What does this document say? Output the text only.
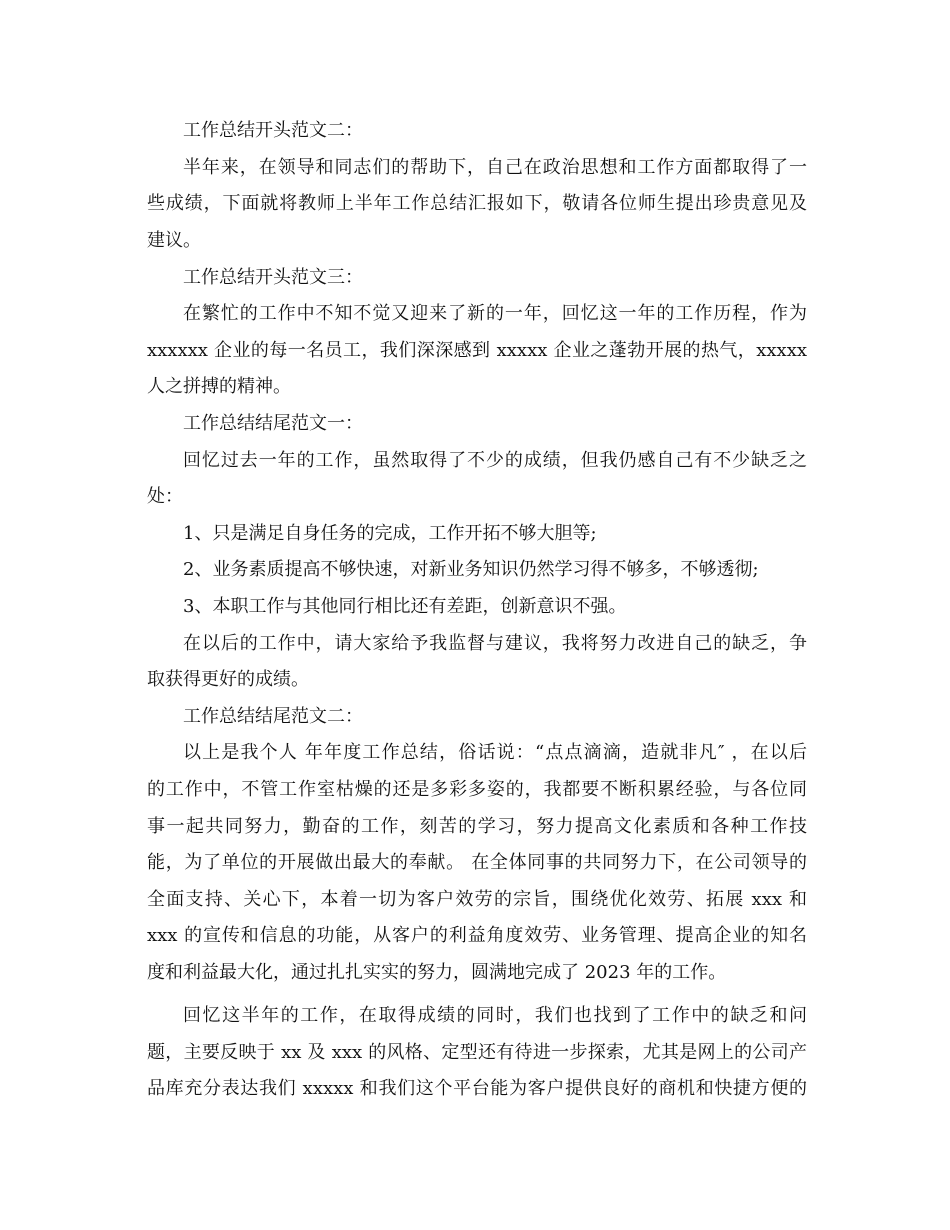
工作总结开头范文二：
半年来，在领导和同志们的帮助下，自己在政治思想和工作方面都取得了一
些成绩，下面就将教师上半年工作总结汇报如下，敬请各位师生提出珍贵意见及
建议。
工作总结开头范文三：
在繁忙的工作中不知不觉又迎来了新的一年，回忆这一年的工作历程，作为
xxxxxx 企业的每一名员工，我们深深感到 xxxxx 企业之蓬勃开展的热气，xxxxx
人之拼搏的精神。
工作总结结尾范文一：
回忆过去一年的工作，虽然取得了不少的成绩，但我仍感自己有不少缺乏之
处：
1、只是满足自身任务的完成，工作开拓不够大胆等;
2、业务素质提高不够快速，对新业务知识仍然学习得不够多，不够透彻;
3、本职工作与其他同行相比还有差距，创新意识不强。
在以后的工作中，请大家给予我监督与建议，我将努力改进自己的缺乏，争
取获得更好的成绩。
工作总结结尾范文二：
以上是我个人 年年度工作总结，俗话说：“点点滴滴，造就非凡″ ，在以后
的工作中，不管工作室枯燥的还是多彩多姿的，我都要不断积累经验，与各位同
事一起共同努力，勤奋的工作，刻苦的学习，努力提高文化素质和各种工作技
能，为了单位的开展做出最大的奉献。 在全体同事的共同努力下，在公司领导的
全面支持、关心下，本着一切为客户效劳的宗旨，围绕优化效劳、拓展 xxx 和
xxx 的宣传和信息的功能，从客户的利益角度效劳、业务管理、提高企业的知名
度和利益最大化，通过扎扎实实的努力，圆满地完成了 2023 年的工作。
回忆这半年的工作，在取得成绩的同时，我们也找到了工作中的缺乏和问
题，主要反映于 xx 及 xxx 的风格、定型还有待进一步探索，尤其是网上的公司产
品库充分表达我们 xxxxx 和我们这个平台能为客户提供良好的商机和快捷方便的
